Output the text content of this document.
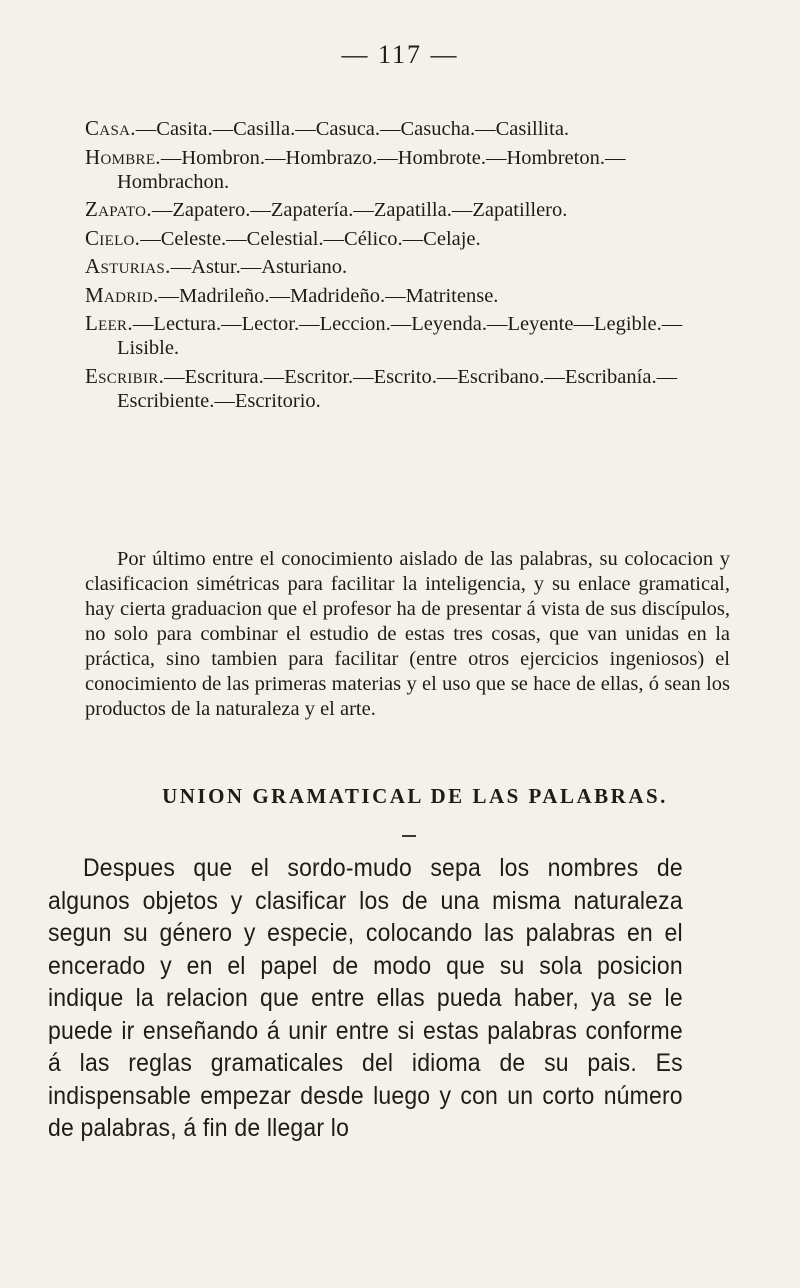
— 117 —

Casa.—Casita.—Casilla.—Casuca.—Casucha.—Casillita.

Hombre.—Hombron.—Hombrazo.—Hombrote.—Hombreton.—Hombrachon.

Zapato.—Zapatero.—Zapatería.—Zapatilla.—Zapatillero.

Cielo.—Celeste.—Celestial.—Célico.—Celaje.

Asturias.—Astur.—Asturiano.

Madrid.—Madrileño.—Madrideño.—Matritense.

Leer.—Lectura.—Lector.—Leccion.—Leyenda.—Leyente—Legible.—Lisible.

Escribir.—Escritura.—Escritor.—Escrito.—Escribano.—Escribanía.—Escribiente.—Escritorio.

Por último entre el conocimiento aislado de las palabras, su colocacion y clasificacion simétricas para facilitar la inteligencia, y su enlace gramatical, hay cierta graduacion que el profesor ha de presentar á vista de sus discípulos, no solo para combinar el estudio de estas tres cosas, que van unidas en la práctica, sino tambien para facilitar (entre otros ejercicios ingeniosos) el conocimiento de las primeras materias y el uso que se hace de ellas, ó sean los productos de la naturaleza y el arte.

UNION GRAMATICAL DE LAS PALABRAS.

Despues que el sordo-mudo sepa los nombres de algunos objetos y clasificar los de una misma naturaleza segun su género y especie, colocando las palabras en el encerado y en el papel de modo que su sola posicion indique la relacion que entre ellas pueda haber, ya se le puede ir enseñando á unir entre si estas palabras conforme á las reglas gramaticales del idioma de su pais. Es indispensable empezar desde luego y con un corto número de palabras, á fin de llegar lo
